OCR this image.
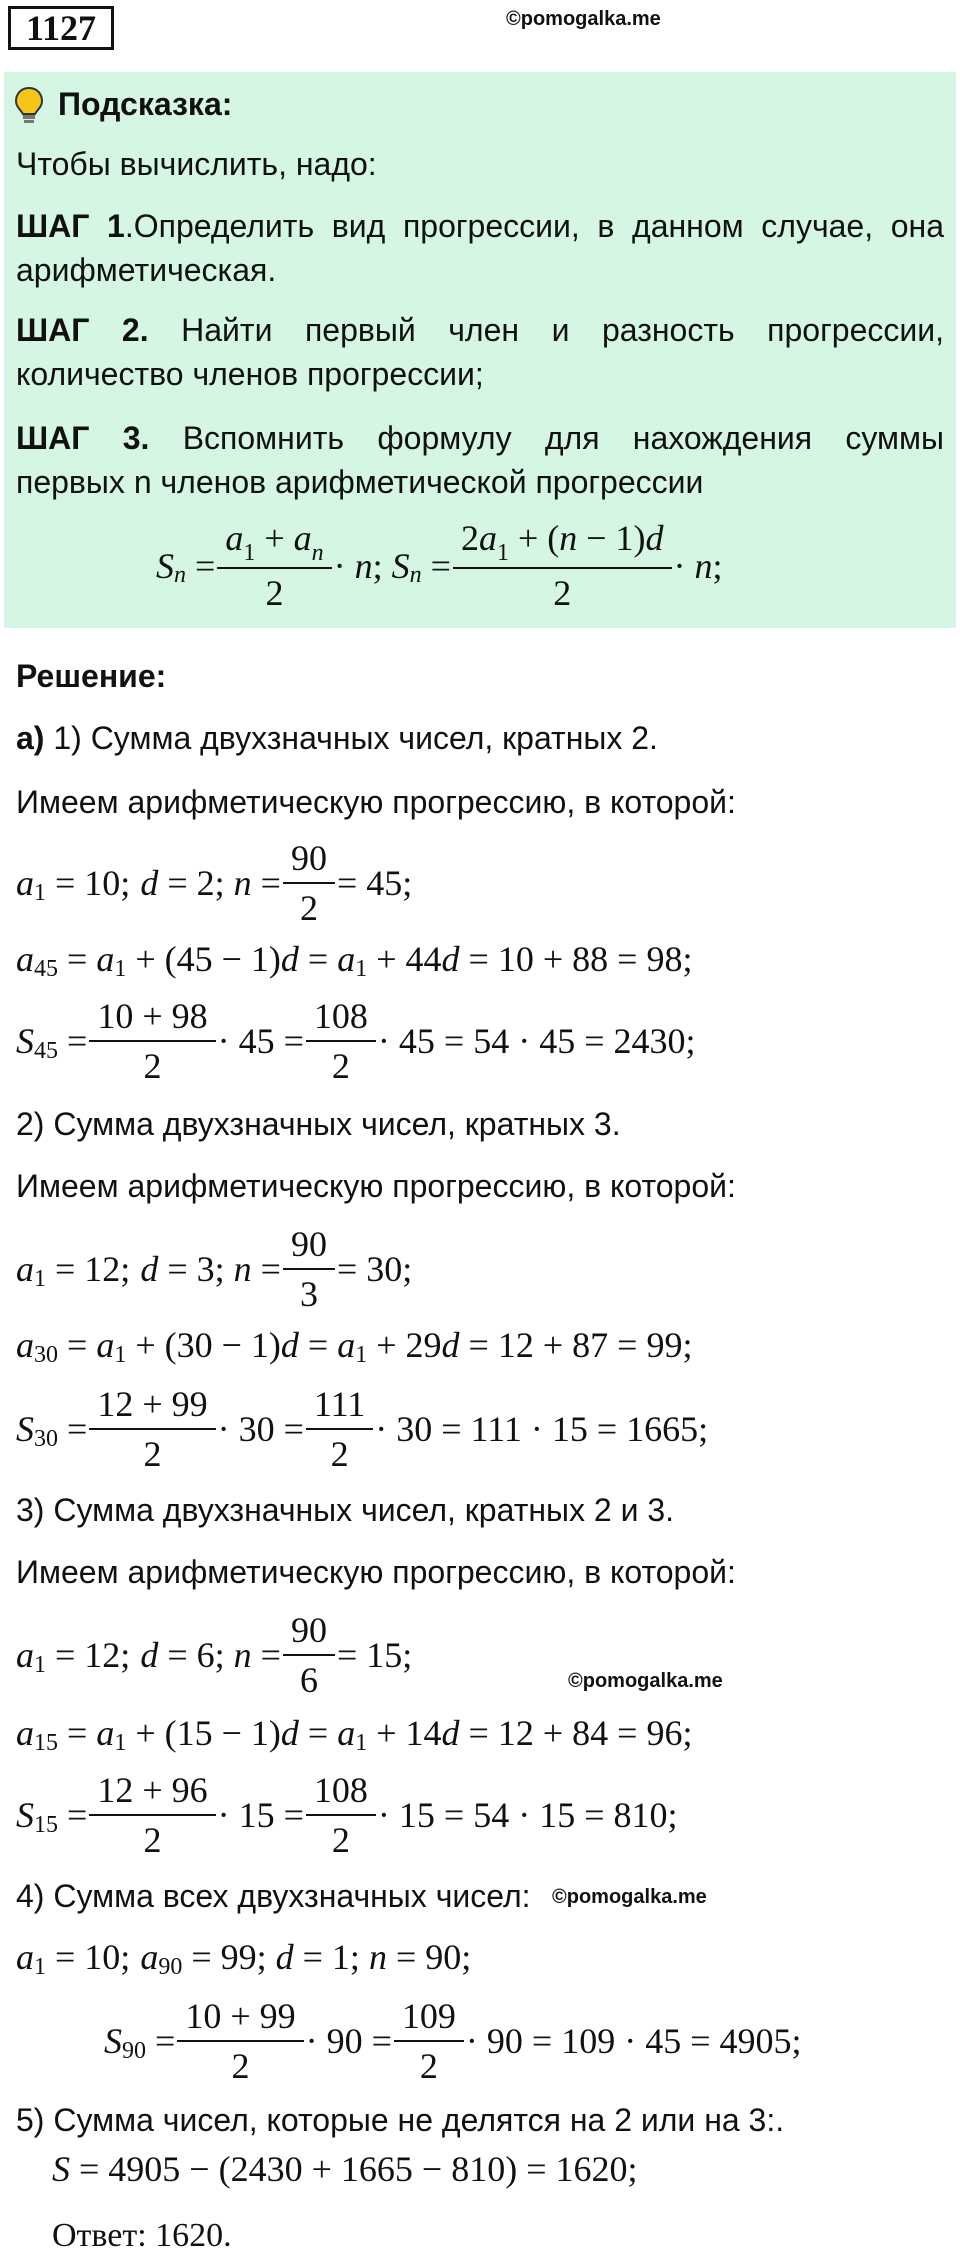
1127	©pomogalka.me
Подсказка:
Чтобы вычислить, надо:
ШАГ 1.Определить вид прогрессии, в данном случае, она
арифметическая.
ШАГ 2. Найти первый член и разность прогрессии,
количество членов прогрессии;
ШАГ 3. Вспомнить формулу для нахождения суммы
первых n членов арифметической прогрессии
S $n = \frac{a_1 + a_n}{2} \cdot n$ ; S $n = \frac{2a_1 + (n - 1)d}{2} \cdot n$ ;
Решение:
а) 1) Сумма двухзначных чисел, кратных 2.
Имеем арифметическую прогрессию, в которой:
a 1 = 10; d = 2; $n = \frac{90}{2} = 45$;
a 45 = a 1 + (45 − 1) d = a 1 + 44 d = 10 + 88 = 98;
S $45 = \frac{10 + 98}{2} \cdot 45 = \frac{108}{2} \cdot 45 = 54 \cdot 45 = 2430$;
2) Сумма двухзначных чисел, кратных 3.
Имеем арифметическую прогрессию, в которой:
a 1 = 12; d = 3; $n = \frac{90}{3} = 30$;
a 30 = a 1 + (30 − 1) d = a 1 + 29 d = 12 + 87 = 99;
S $30 = \frac{12 + 99}{2} \cdot 30 = \frac{111}{2} \cdot 30 = 111 \cdot 15 = 1665$;
3) Сумма двухзначных чисел, кратных 2 и 3.
Имеем арифметическую прогрессию, в которой:
a 1 = 12; d = 6; $n = \frac{90}{6} = 15$;
©pomogalka.me
a 15 = a 1 + (15 − 1) d = a 1 + 14 d = 12 + 84 = 96;
S $15 = \frac{12 + 96}{2} \cdot 15 = \frac{108}{2} \cdot 15 = 54 \cdot 15 = 810$;
4) Сумма всех двухзначных чисел: ©pomogalka.me
a 1 = 10; a 90 = 99; d = 1; n = 90;
S $90 = \frac{10 + 99}{2} \cdot 90 = \frac{109}{2} \cdot 90 = 109 \cdot 45 = 4905$;
5) Сумма чисел, которые не делятся на 2 или на 3:.
S = 4905 − (2430 + 1665 − 810) = 1620;
Ответ: 1620.
